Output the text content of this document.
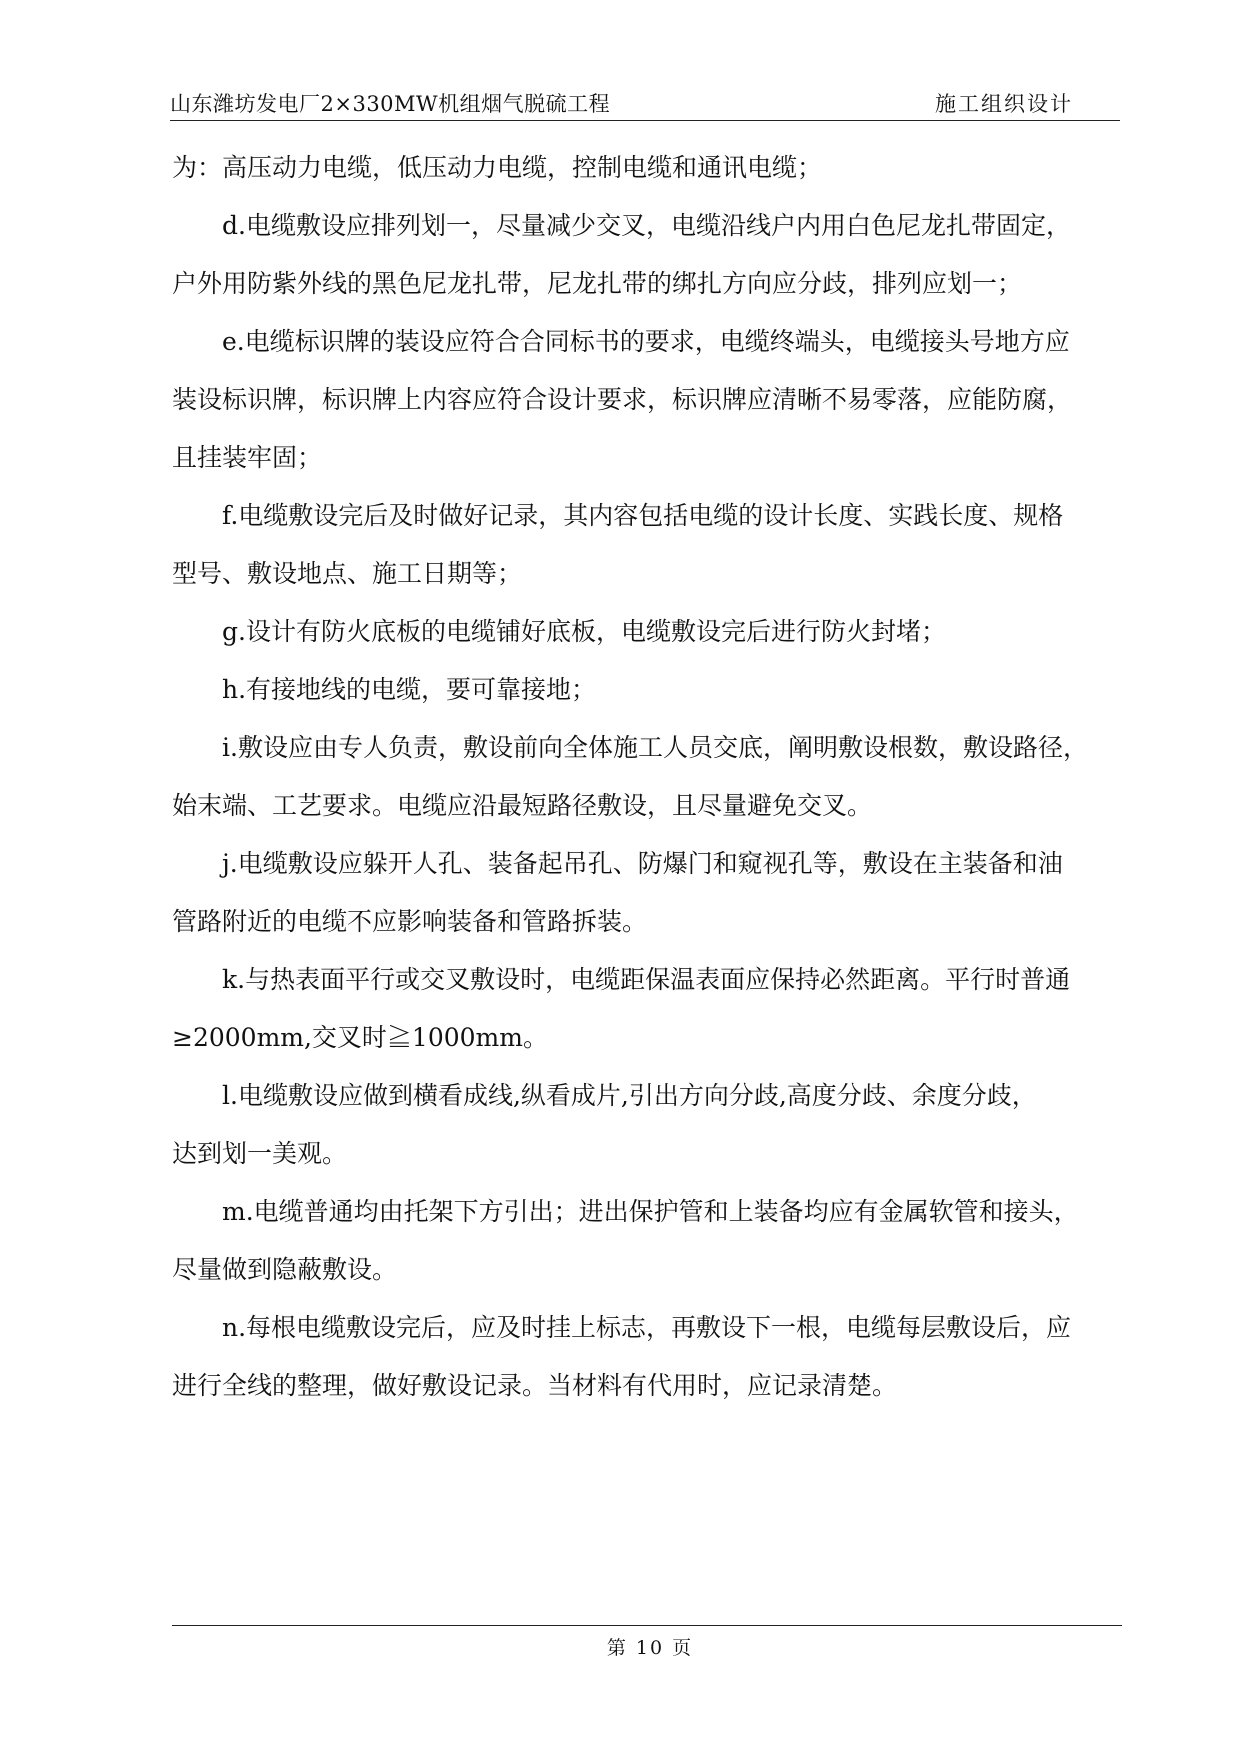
山东潍坊发电厂2×330MW机组烟气脱硫工程	施工组织设计
为：高压动力电缆，低压动力电缆，控制电缆和通讯电缆；
　　d.电缆敷设应排列划一，尽量减少交叉，电缆沿线户内用白色尼龙扎带固定，
户外用防紫外线的黑色尼龙扎带，尼龙扎带的绑扎方向应分歧，排列应划一；
　　e.电缆标识牌的装设应符合合同标书的要求，电缆终端头，电缆接头号地方应
装设标识牌，标识牌上内容应符合设计要求，标识牌应清晰不易零落，应能防腐，
且挂装牢固；
　　f.电缆敷设完后及时做好记录，其内容包括电缆的设计长度、实践长度、规格
型号、敷设地点、施工日期等；
　　g.设计有防火底板的电缆铺好底板，电缆敷设完后进行防火封堵；
　　h.有接地线的电缆，要可靠接地；
　　i.敷设应由专人负责，敷设前向全体施工人员交底，阐明敷设根数，敷设路径，
始末端、工艺要求。电缆应沿最短路径敷设，且尽量避免交叉。
　　j.电缆敷设应躲开人孔、装备起吊孔、防爆门和窥视孔等，敷设在主装备和油
管路附近的电缆不应影响装备和管路拆装。
　　k.与热表面平行或交叉敷设时，电缆距保温表面应保持必然距离。平行时普通
≥2000mm,交叉时≧1000mm。
　　l.电缆敷设应做到横看成线,纵看成片,引出方向分歧,高度分歧、余度分歧，
达到划一美观。
　　m.电缆普通均由托架下方引出；进出保护管和上装备均应有金属软管和接头，
尽量做到隐蔽敷设。
　　n.每根电缆敷设完后，应及时挂上标志，再敷设下一根，电缆每层敷设后，应
进行全线的整理，做好敷设记录。当材料有代用时，应记录清楚。
第 10 页
